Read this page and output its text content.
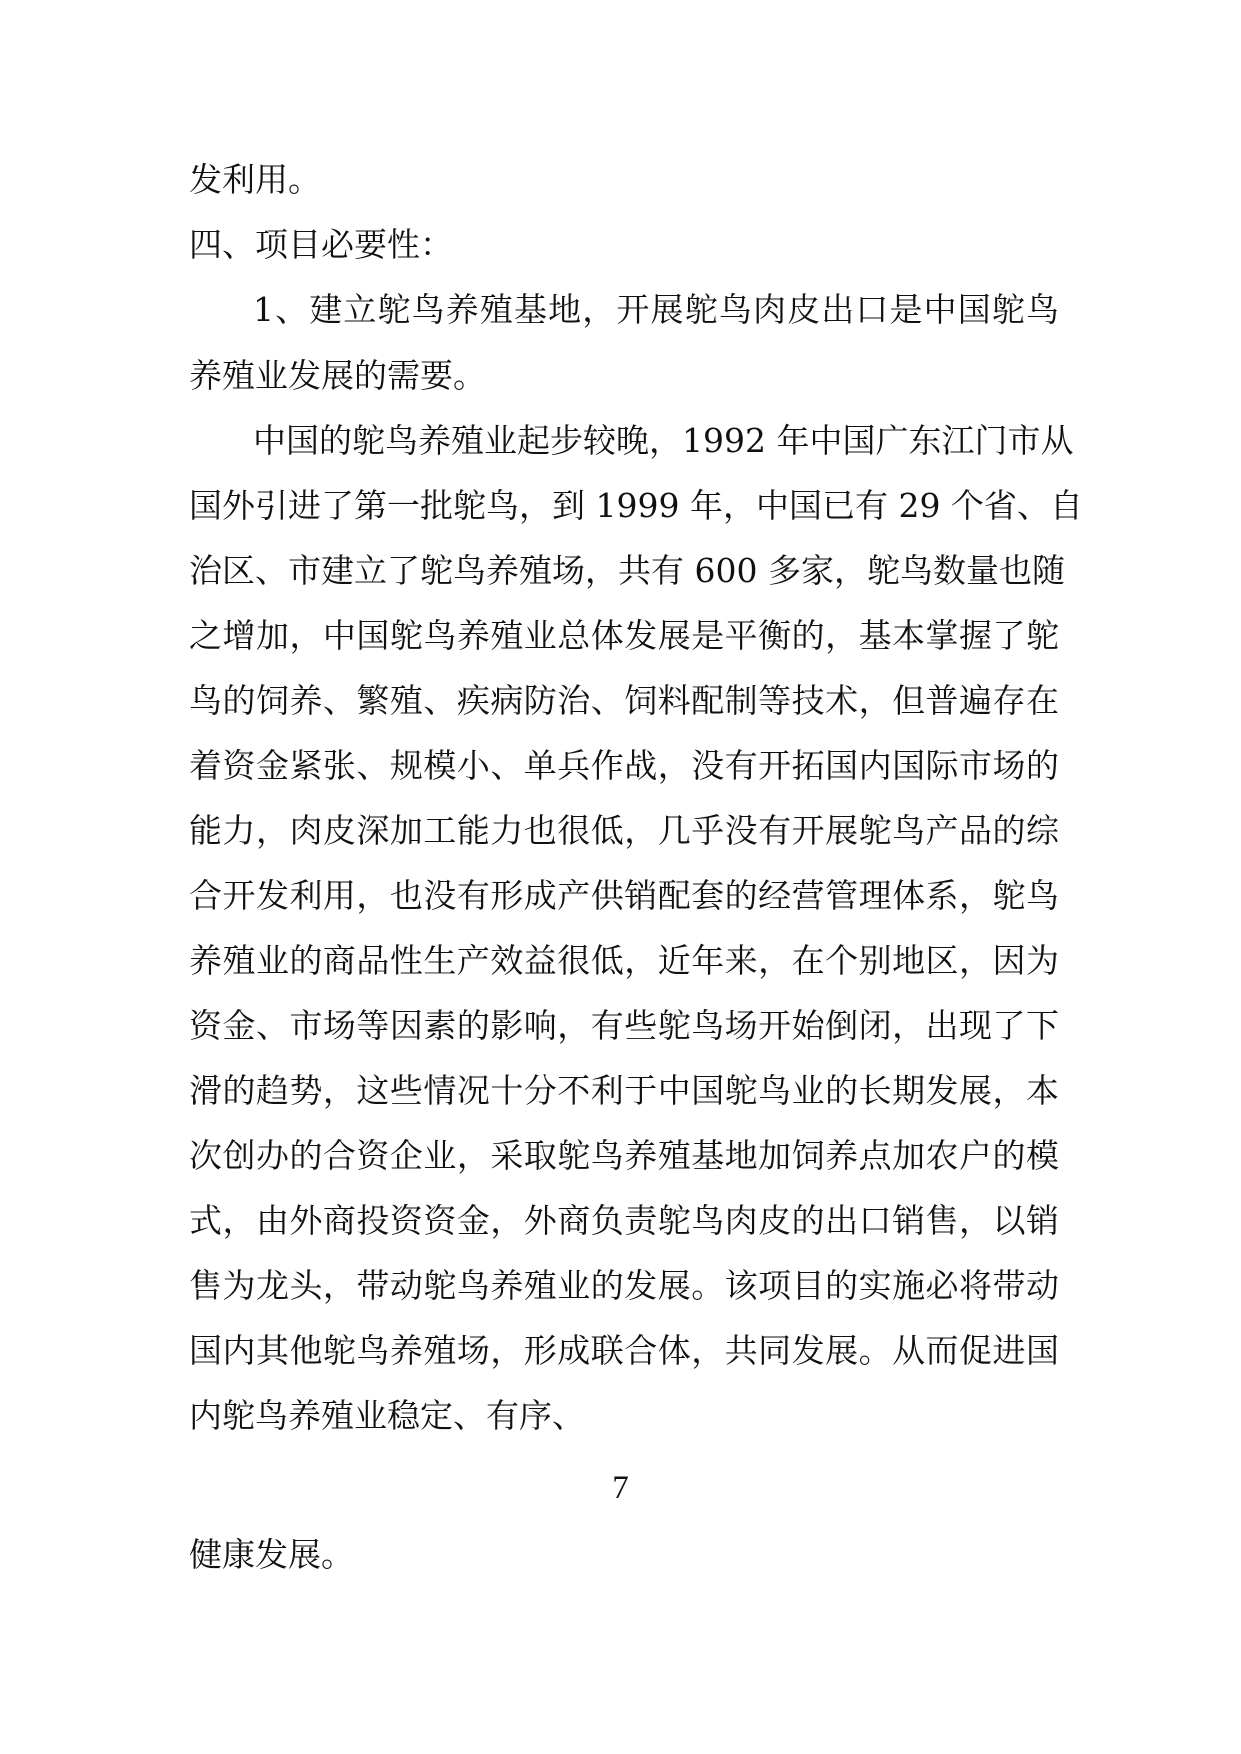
发利用。
四、项目必要性：
1、建立鸵鸟养殖基地，开展鸵鸟肉皮出口是中国鸵鸟
养殖业发展的需要。
中国的鸵鸟养殖业起步较晚，1992 年中国广东江门市从
国外引进了第一批鸵鸟，到 1999 年，中国已有 29 个省、自
治区、市建立了鸵鸟养殖场，共有 600 多家，鸵鸟数量也随
之增加，中国鸵鸟养殖业总体发展是平衡的，基本掌握了鸵
鸟的饲养、繁殖、疾病防治、饲料配制等技术，但普遍存在
着资金紧张、规模小、单兵作战，没有开拓国内国际市场的
能力，肉皮深加工能力也很低，几乎没有开展鸵鸟产品的综
合开发利用，也没有形成产供销配套的经营管理体系，鸵鸟
养殖业的商品性生产效益很低，近年来，在个别地区，因为
资金、市场等因素的影响，有些鸵鸟场开始倒闭，出现了下
滑的趋势，这些情况十分不利于中国鸵鸟业的长期发展，本
次创办的合资企业，采取鸵鸟养殖基地加饲养点加农户的模
式，由外商投资资金，外商负责鸵鸟肉皮的出口销售，以销
售为龙头，带动鸵鸟养殖业的发展。该项目的实施必将带动
国内其他鸵鸟养殖场，形成联合体，共同发展。从而促进国
内鸵鸟养殖业稳定、有序、
7
健康发展。
